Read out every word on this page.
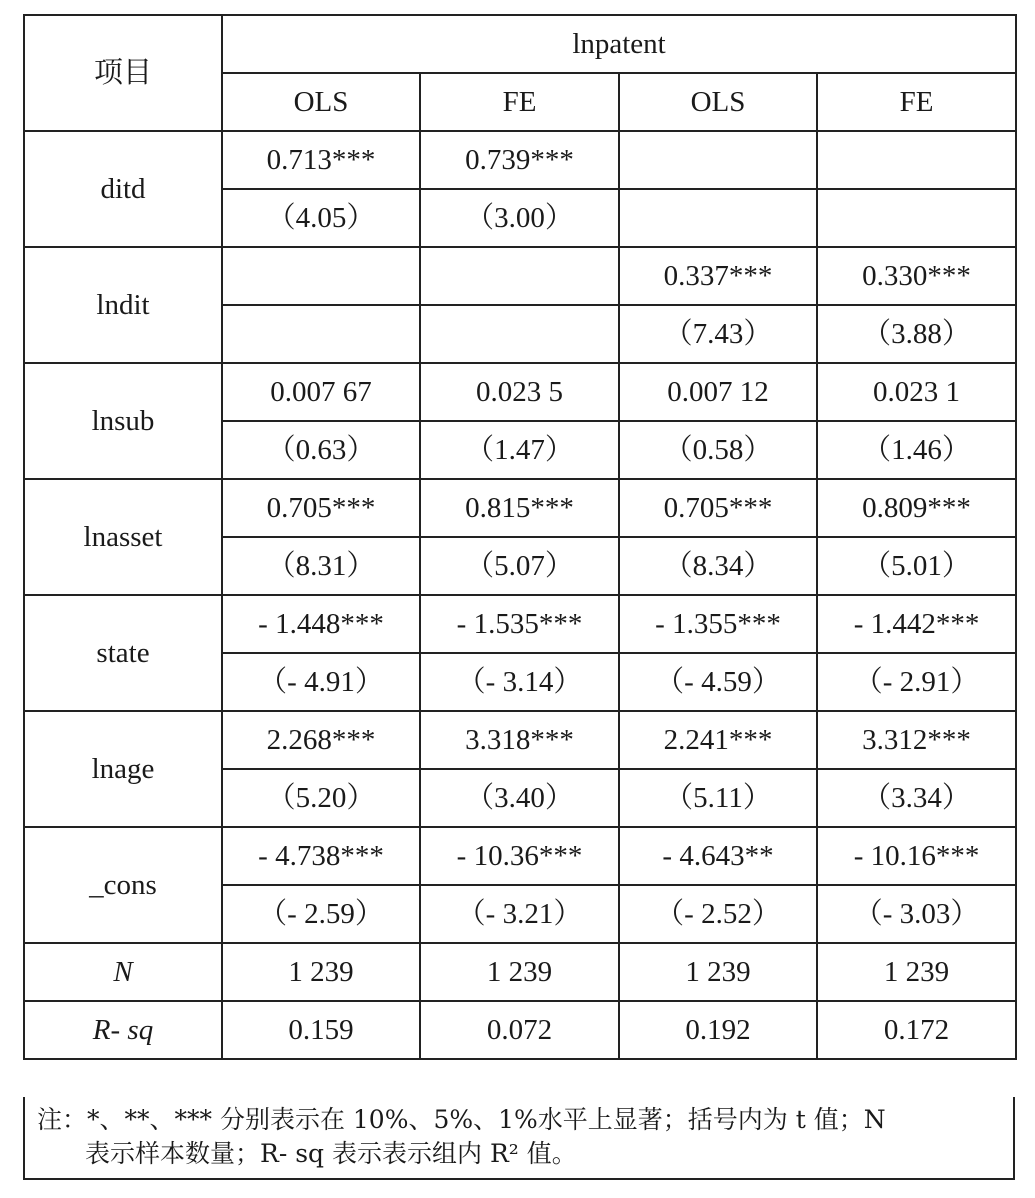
项目	lnpatent			
	OLS	FE	OLS	FE
ditd	0.713***	0.739***		
	（4.05）	（3.00）		
lndit			0.337***	0.330***
			（7.43）	（3.88）
lnsub	0.007 67	0.023 5	0.007 12	0.023 1
	（0.63）	（1.47）	（0.58）	（1.46）
lnasset	0.705***	0.815***	0.705***	0.809***
	（8.31）	（5.07）	（8.34）	（5.01）
state	- 1.448***	- 1.535***	- 1.355***	- 1.442***
	（- 4.91）	（- 3.14）	（- 4.59）	（- 2.91）
lnage	2.268***	3.318***	2.241***	3.312***
	（5.20）	（3.40）	（5.11）	（3.34）
_cons	- 4.738***	- 10.36***	- 4.643**	- 10.16***
	（- 2.59）	（- 3.21）	（- 2.52）	（- 3.03）
N	1 239	1 239	1 239	1 239
R- sq	0.159	0.072	0.192	0.172
注：*、**、*** 分别表示在 10%、5%、1%水平上显著；括号内为 t 值；N
表示样本数量；R- sq 表示表示组内 R² 值。
